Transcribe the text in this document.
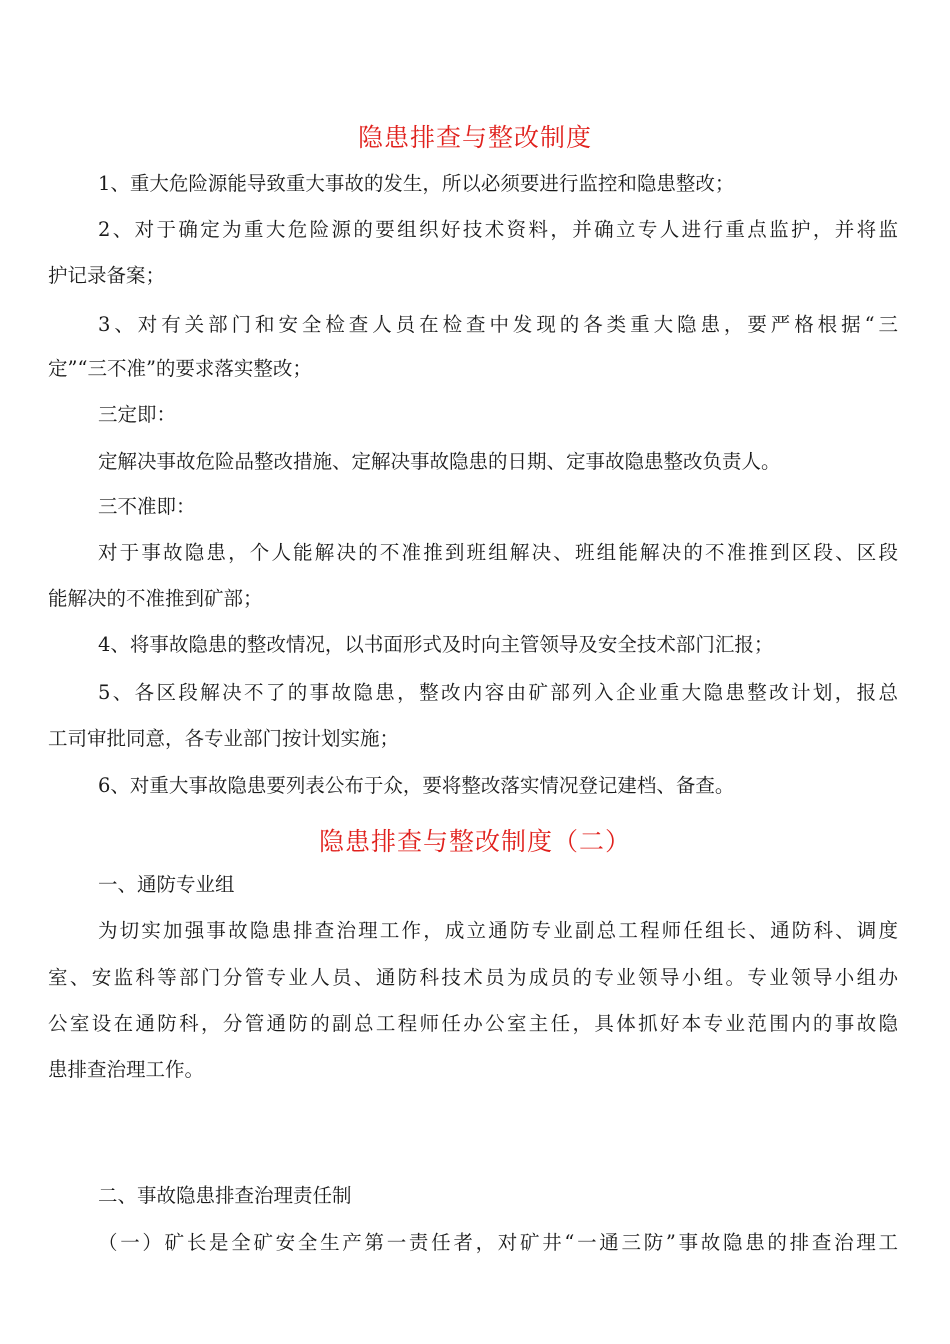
隐患排查与整改制度
1、重大危险源能导致重大事故的发生，所以必须要进行监控和隐患整改；
2、对于确定为重大危险源的要组织好技术资料，并确立专人进行重点监护，并将监
护记录备案；
3、对有关部门和安全检查人员在检查中发现的各类重大隐患，要严格根据“三
定”“三不准”的要求落实整改；
三定即：
定解决事故危险品整改措施、定解决事故隐患的日期、定事故隐患整改负责人。
三不准即：
对于事故隐患，个人能解决的不准推到班组解决、班组能解决的不准推到区段、区段
能解决的不准推到矿部；
4、将事故隐患的整改情况，以书面形式及时向主管领导及安全技术部门汇报；
5、各区段解决不了的事故隐患，整改内容由矿部列入企业重大隐患整改计划，报总
工司审批同意，各专业部门按计划实施；
6、对重大事故隐患要列表公布于众，要将整改落实情况登记建档、备查。
隐患排查与整改制度（二）
一、通防专业组
为切实加强事故隐患排查治理工作，成立通防专业副总工程师任组长、通防科、调度
室、安监科等部门分管专业人员、通防科技术员为成员的专业领导小组。专业领导小组办
公室设在通防科，分管通防的副总工程师任办公室主任，具体抓好本专业范围内的事故隐
患排查治理工作。
二、事故隐患排查治理责任制
（一）矿长是全矿安全生产第一责任者，对矿井“一通三防”事故隐患的排查治理工
